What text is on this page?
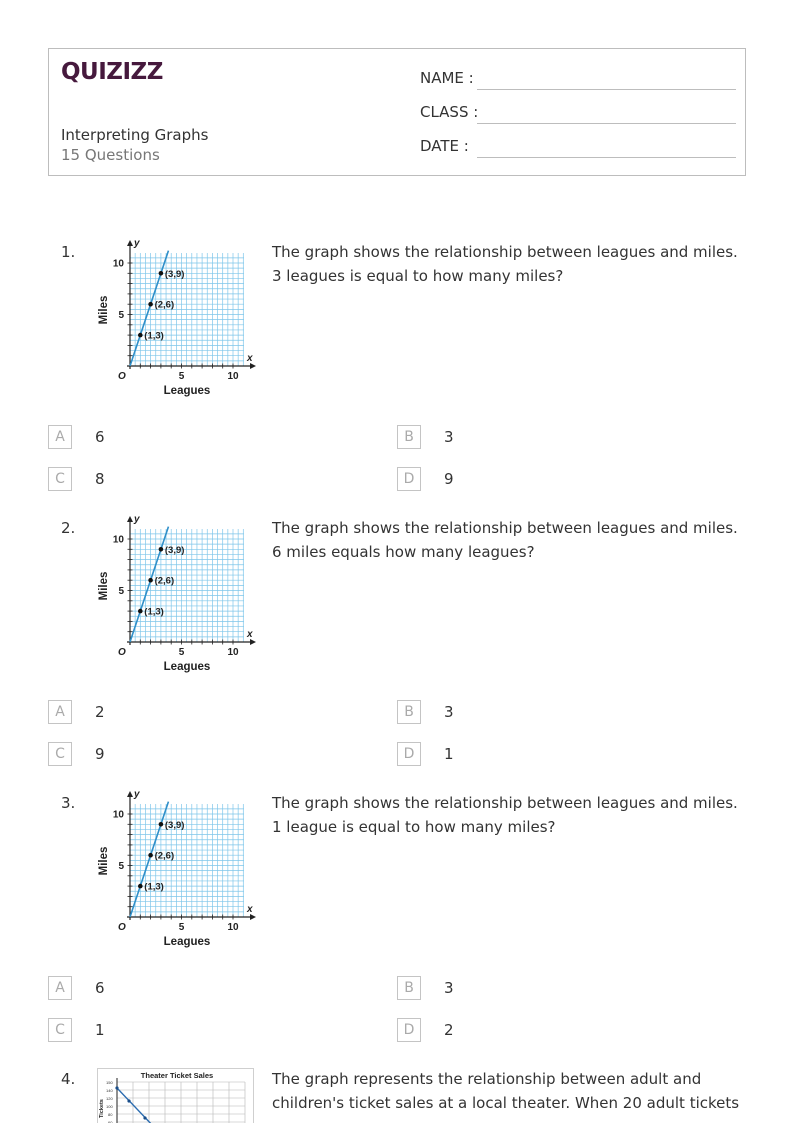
QUIZIZZ
Interpreting Graphs
15 Questions
NAME :
CLASS :
DATE :
1.
5	10
5
10
O
y
x
Leagues
Miles
(1,3)
(2,6)
(3,9)
The graph shows the relationship between leagues and miles. 3 leagues is equal to how many miles?
A	6	B	3
C	8	D	9
2.
5	10
5
10
O
y
x
Leagues
Miles
(1,3)
(2,6)
(3,9)
The graph shows the relationship between leagues and miles. 6 miles equals how many leagues?
A	2	B	3
C	9	D	1
3.
5	10
5
10
O
y
x
Leagues
Miles
(1,3)
(2,6)
(3,9)
The graph shows the relationship between leagues and miles. 1 league is equal to how many miles?
A	6	B	3
C	1	D	2
4.	Theater Ticket Sales
150
140
120
100
80
60
Tickets
The graph represents the relationship between adult and children's ticket sales at a local theater. When 20 adult tickets
